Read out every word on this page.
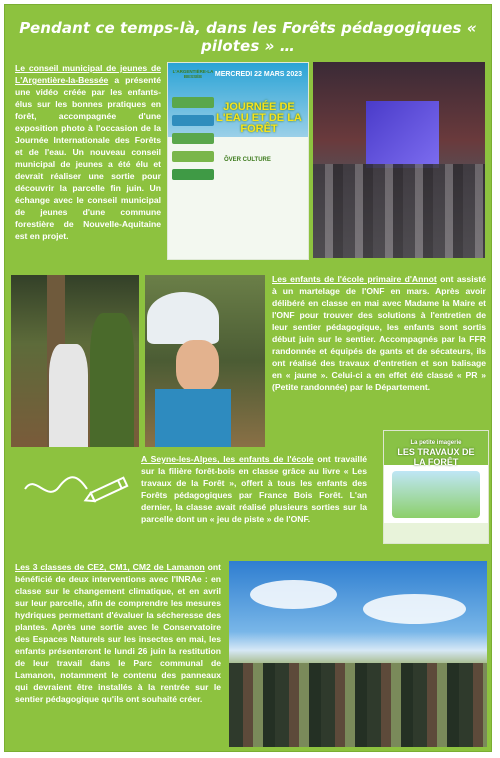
Pendant ce temps-là, dans les Forêts pédagogiques « pilotes » …
Le conseil municipal de jeunes de L'Argentière-la-Bessée a présenté une vidéo créée par les enfants-élus sur les bonnes pratiques en forêt, accompagnée d'une exposition photo à l'occasion de la Journée Internationale des Forêts et de l'eau. Un nouveau conseil municipal de jeunes a été élu et devrait réaliser une sortie pour découvrir la parcelle fin juin. Un échange avec le conseil municipal de jeunes d'une commune forestière de Nouvelle-Aquitaine est en projet.
L'ARGENTIÈRE-LA BESSÉE	MERCREDI 22 MARS 2023
JOURNÉE DE L'EAU ET DE LA FORÊT
ÔVER CULTURE
Les enfants de l'école primaire d'Annot ont assisté à un martelage de l'ONF en mars. Après avoir délibéré en classe en mai avec Madame la Maire et l'ONF pour trouver des solutions à l'entretien de leur sentier pédagogique, les enfants sont sortis début juin sur le sentier. Accompagnés par la FFR randonnée et équipés de gants et de sécateurs, ils ont réalisé des travaux d'entretien et son balisage en « jaune ». Celui-ci a en effet été classé « PR » (Petite randonnée) par le Département.
A Seyne-les-Alpes, les enfants de l'école ont travaillé sur la filière forêt-bois en classe grâce au livre « Les travaux de la Forêt », offert à tous les enfants des Forêts pédagogiques par France Bois Forêt. L'an dernier, la classe avait réalisé plusieurs sorties sur la parcelle dont un « jeu de piste » de l'ONF.
La petite imagerie
LES TRAVAUX DE LA FORÊT
Les 3 classes de CE2, CM1, CM2 de Lamanon ont bénéficié de deux interventions avec l'INRAe : en classe sur le changement climatique, et en avril sur leur parcelle, afin de comprendre les mesures hydriques permettant d'évaluer la sécheresse des plantes. Après une sortie avec le Conservatoire des Espaces Naturels sur les insectes en mai, les enfants présenteront le lundi 26 juin la restitution de leur travail dans le Parc communal de Lamanon, notamment le contenu des panneaux qui devraient être installés à la rentrée sur le sentier pédagogique qu'ils ont souhaité créer.
